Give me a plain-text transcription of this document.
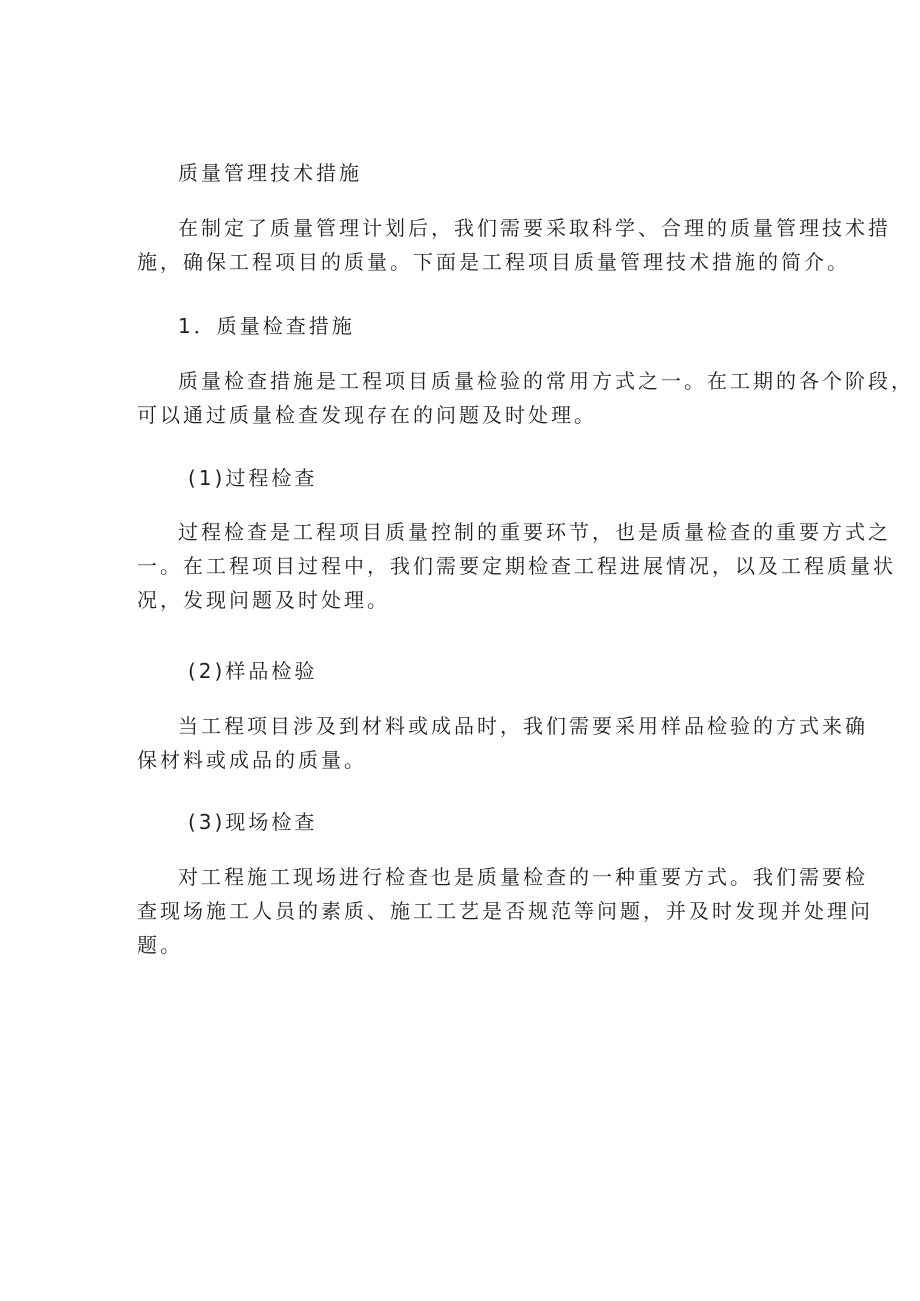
质量管理技术措施

在制定了质量管理计划后，我们需要采取科学、合理的质量管理技术措
施，确保工程项目的质量。下面是工程项目质量管理技术措施的简介。

1．质量检查措施

质量检查措施是工程项目质量检验的常用方式之一。在工期的各个阶段，
可以通过质量检查发现存在的问题及时处理。

(1)过程检查

过程检查是工程项目质量控制的重要环节，也是质量检查的重要方式之
一。在工程项目过程中，我们需要定期检查工程进展情况，以及工程质量状
况，发现问题及时处理。

(2)样品检验

当工程项目涉及到材料或成品时，我们需要采用样品检验的方式来确
保材料或成品的质量。

(3)现场检查

对工程施工现场进行检查也是质量检查的一种重要方式。我们需要检
查现场施工人员的素质、施工工艺是否规范等问题，并及时发现并处理问
题。
